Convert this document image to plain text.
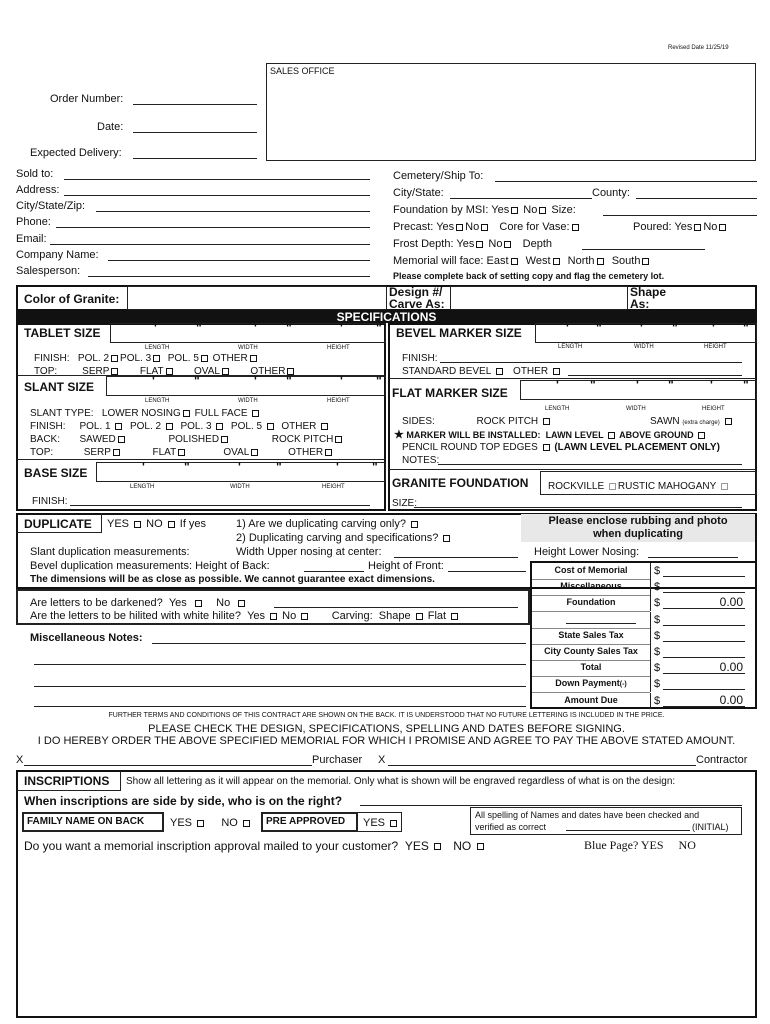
Revised Date 11/25/19
SALES OFFICE
Order Number:
Date:
Expected Delivery:
Sold to:
Address:
City/State/Zip:
Phone:
Email:
Company Name:
Salesperson:
Cemetery/Ship To:
City/State:	County:
Foundation by MSI: Yes No Size:
Precast: Yes No Core for Vase:	Poured: Yes No
Frost Depth: Yes No Depth
Memorial will face: East West North South
Please complete back of setting copy and flag the cemetery lot.
Color of Granite:	Design #/
Carve As:
Shape
As:
SPECIFICATIONS
TABLET SIZE	'	"	' "	'	"
LENGTH	WIDTH	HEIGHT
FINISH: POL. 2 POL. 3 POL. 5 OTHER
TOP:	SERP	FLAT	OVAL	OTHER
SLANT SIZE	'	"	' "	'	"
LENGTH	WIDTH	HEIGHT
SLANT TYPE: LOWER NOSING FULL FACE
FINISH: POL. 1 POL. 2 POL. 3 POL. 5 OTHER
BACK: SAWED	POLISHED	ROCK PITCH
TOP:	SERP	FLAT	OVAL	OTHER
BASE SIZE	'	"	'	"	'	"
LENGTH	WIDTH	HEIGHT
FINISH:
BEVEL MARKER SIZE	' "	' "	' "
LENGTH	WIDTH	HEIGHT
FINISH:
STANDARD BEVEL OTHER
FLAT MARKER SIZE
'	"	' "	'	"
LENGTH	WIDTH	HEIGHT
SIDES:	ROCK PITCH	SAWN (extra charge)
★ MARKER WILL BE INSTALLED: LAWN LEVEL ABOVE GROUND
PENCIL ROUND TOP EDGES (LAWN LEVEL PLACEMENT ONLY)
NOTES:
GRANITE FOUNDATION ROCKVILLE RUSTIC MAHOGANY
SIZE:
DUPLICATE YES NO If yes	1) Are we duplicating carving only?
2) Duplicating carving and specifications?
Please enclose rubbing and photo
when duplicating
Slant duplication measurements:	Width Upper nosing at center:	Height Lower Nosing:
Bevel duplication measurements: Height of Back:	Height of Front:
The dimensions will be as close as possible. We cannot guarantee exact dimensions.
Cost of Memorial	$
Miscellaneous	$
Foundation	$	0.00
$
State Sales Tax	$
City County Sales Tax	$
Total	$	0.00
Down Payment(-)	$
Amount Due	$	0.00
Are letters to be darkened? Yes	No
Are the letters to be hilited with white hilite? Yes No	Carving: Shape Flat
Miscellaneous Notes:
FURTHER TERMS AND CONDITIONS OF THIS CONTRACT ARE SHOWN ON THE BACK. IT IS UNDERSTOOD THAT NO FUTURE LETTERING IS INCLUDED IN THE PRICE.
PLEASE CHECK THE DESIGN, SPECIFICATIONS, SPELLING AND DATES BEFORE SIGNING.
I DO HEREBY ORDER THE ABOVE SPECIFIED MEMORIAL FOR WHICH I PROMISE AND AGREE TO PAY THE ABOVE STATED AMOUNT.
X	Purchaser X	Contractor
INSCRIPTIONS Show all lettering as it will appear on the memorial. Only what is shown will be engraved regardless of what is on the design:
When inscriptions are side by side, who is on the right?
FAMILY NAME ON BACK YES	NO	PRE APPROVED YES
All spelling of Names and dates have been checked and
verified as correct	(INITIAL)
Do you want a memorial inscription approval mailed to your customer? YES NO	Blue Page? YES     NO
